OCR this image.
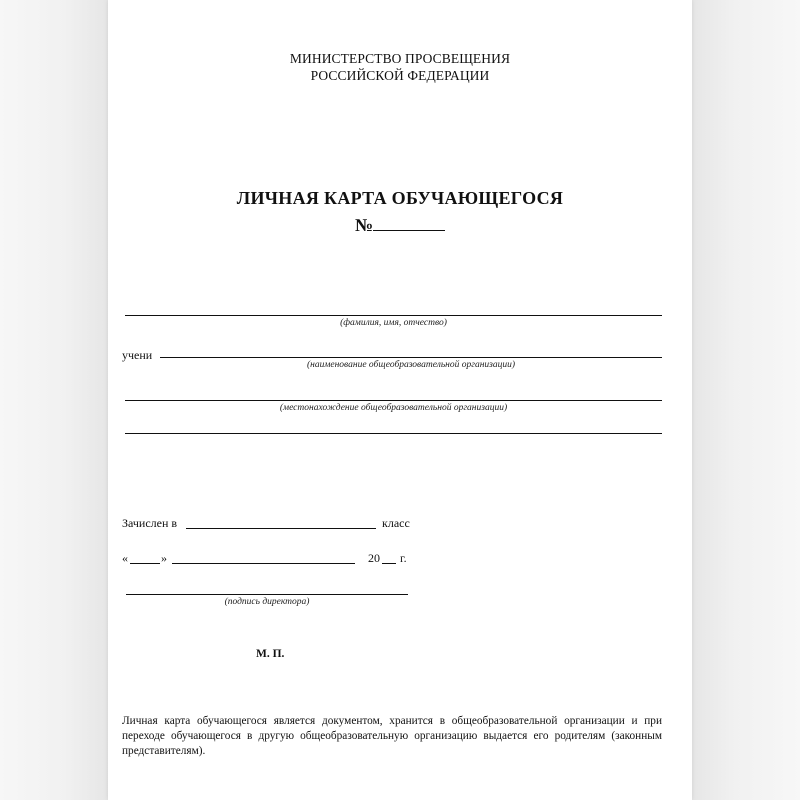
МИНИСТЕРСТВО ПРОСВЕЩЕНИЯ
РОССИЙСКОЙ ФЕДЕРАЦИИ
ЛИЧНАЯ КАРТА ОБУЧАЮЩЕГОСЯ
№
(фамилия, имя, отчество)
учени
(наименование общеобразовательной организации)
(местонахождение общеобразовательной организации)
Зачислен в	класс
«	»	20 г.
(подпись директора)
М. П.
Личная карта обучающегося является документом, хранится в общеобразовательной организации и при переходе обучающегося в другую общеобразовательную организацию выдается его родителям (законным представителям).
